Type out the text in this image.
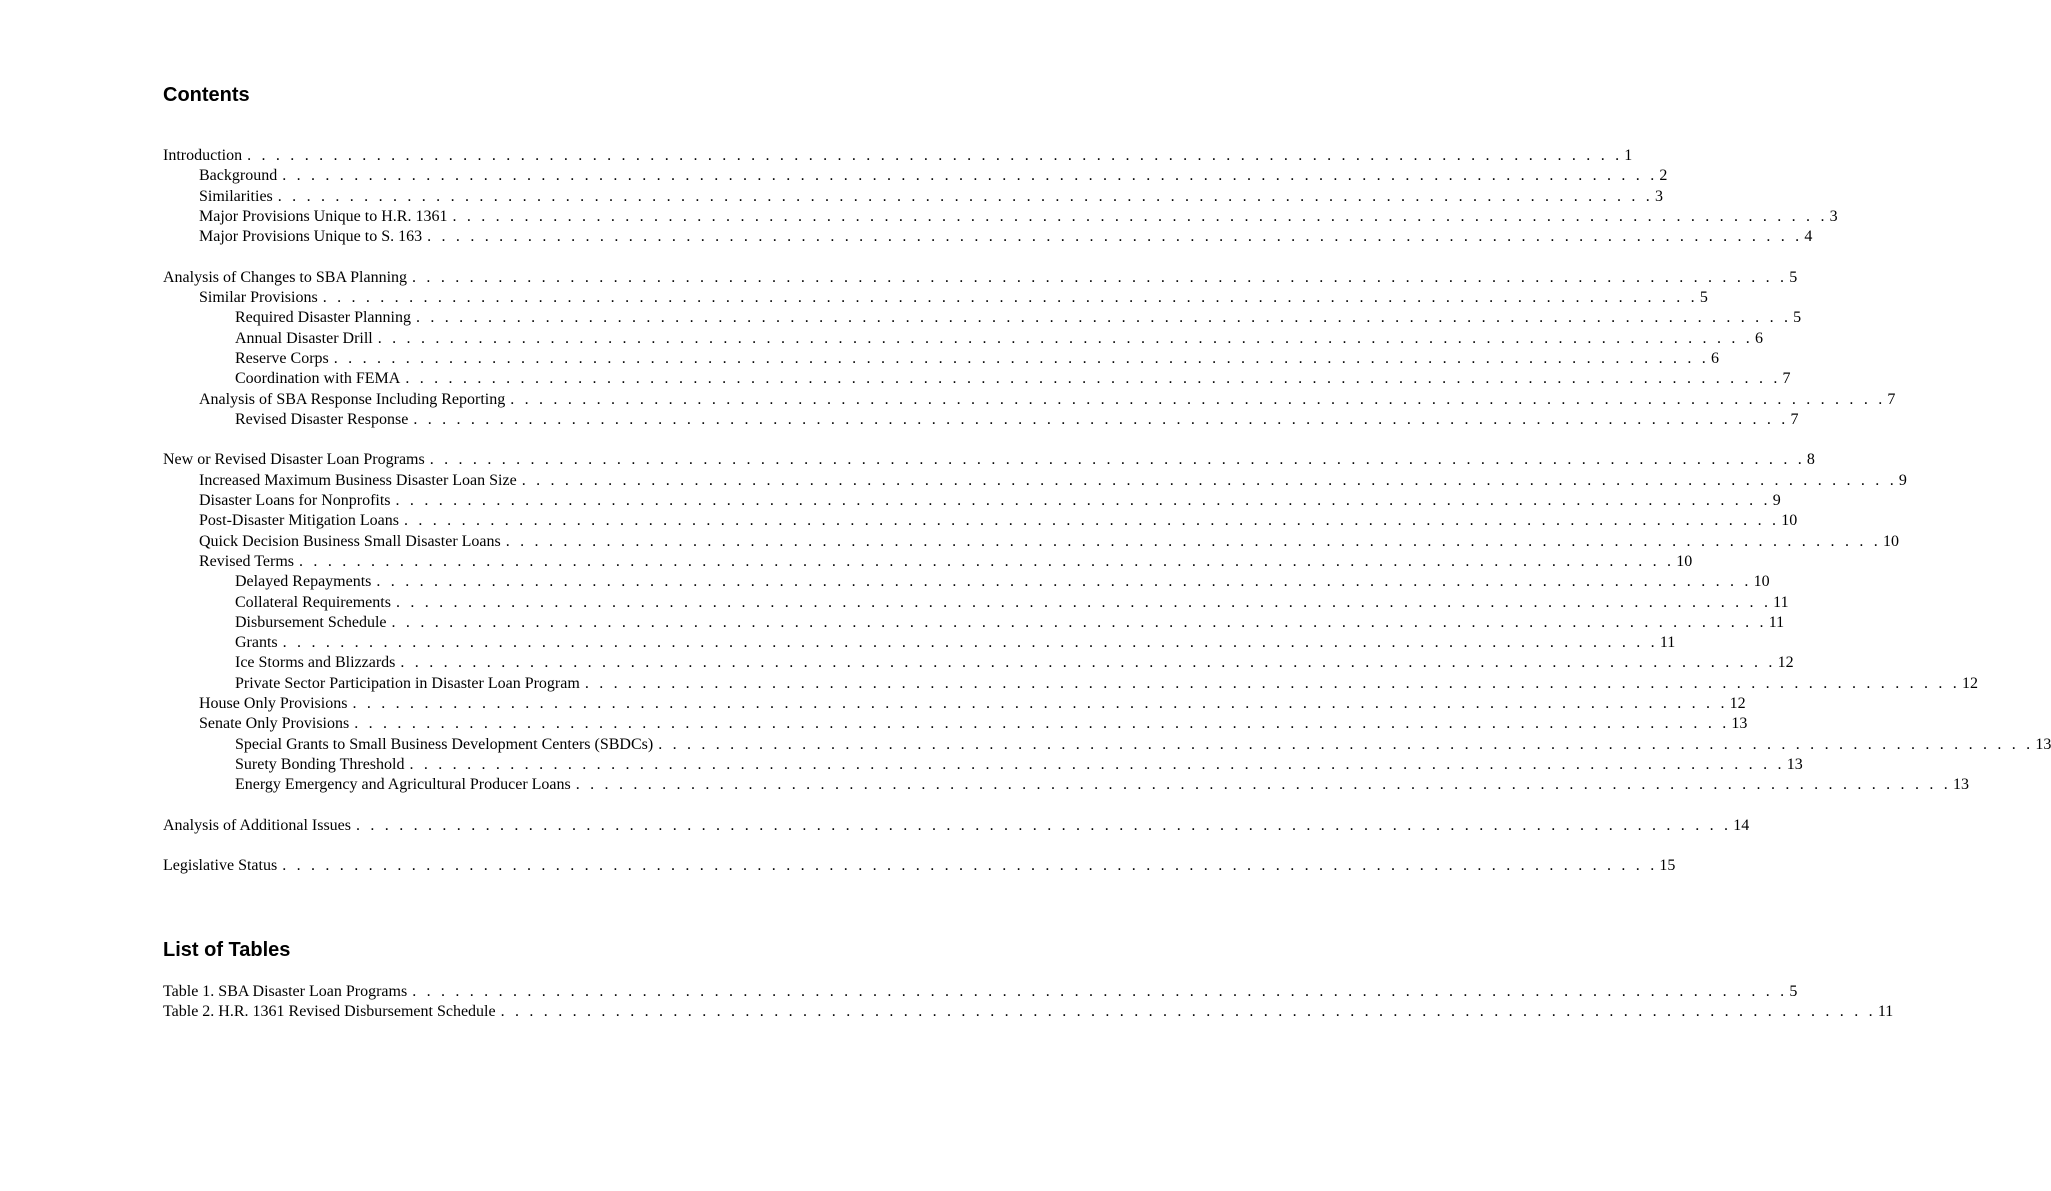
Contents
Introduction . . . . . . . . . . . . . . . . . . . . . . . . . . . . . . . . . . . . . . . . . . . . . . . . . . . . . . . . . . . . . . . . . . . . . . . . . . . . . . . . . . . . . . . . . . . . . . . . 1
Background . . . . . . . . . . . . . . . . . . . . . . . . . . . . . . . . . . . . . . . . . . . . . . . . . . . . . . . . . . . . . . . . . . . . . . . . . . . . . . . . . . . . . . . . . . . . . . . . 2
Similarities . . . . . . . . . . . . . . . . . . . . . . . . . . . . . . . . . . . . . . . . . . . . . . . . . . . . . . . . . . . . . . . . . . . . . . . . . . . . . . . . . . . . . . . . . . . . . . . . 3
Major Provisions Unique to H.R. 1361 . . . . . . . . . . . . . . . . . . . . . . . . . . . . . . . . . . . . . . . . . . . . . . . . . . . . . . . . . . . . . . . . . . . . . . . . . . . . . . . . . . . . . . . . . . . . . . . . 3
Major Provisions Unique to S. 163 . . . . . . . . . . . . . . . . . . . . . . . . . . . . . . . . . . . . . . . . . . . . . . . . . . . . . . . . . . . . . . . . . . . . . . . . . . . . . . . . . . . . . . . . . . . . . . . . 4
Analysis of Changes to SBA Planning . . . . . . . . . . . . . . . . . . . . . . . . . . . . . . . . . . . . . . . . . . . . . . . . . . . . . . . . . . . . . . . . . . . . . . . . . . . . . . . . . . . . . . . . . . . . . . . . 5
Similar Provisions . . . . . . . . . . . . . . . . . . . . . . . . . . . . . . . . . . . . . . . . . . . . . . . . . . . . . . . . . . . . . . . . . . . . . . . . . . . . . . . . . . . . . . . . . . . . . . . . 5
Required Disaster Planning . . . . . . . . . . . . . . . . . . . . . . . . . . . . . . . . . . . . . . . . . . . . . . . . . . . . . . . . . . . . . . . . . . . . . . . . . . . . . . . . . . . . . . . . . . . . . . . . 5
Annual Disaster Drill . . . . . . . . . . . . . . . . . . . . . . . . . . . . . . . . . . . . . . . . . . . . . . . . . . . . . . . . . . . . . . . . . . . . . . . . . . . . . . . . . . . . . . . . . . . . . . . . 6
Reserve Corps . . . . . . . . . . . . . . . . . . . . . . . . . . . . . . . . . . . . . . . . . . . . . . . . . . . . . . . . . . . . . . . . . . . . . . . . . . . . . . . . . . . . . . . . . . . . . . . . 6
Coordination with FEMA . . . . . . . . . . . . . . . . . . . . . . . . . . . . . . . . . . . . . . . . . . . . . . . . . . . . . . . . . . . . . . . . . . . . . . . . . . . . . . . . . . . . . . . . . . . . . . . . 7
Analysis of SBA Response Including Reporting . . . . . . . . . . . . . . . . . . . . . . . . . . . . . . . . . . . . . . . . . . . . . . . . . . . . . . . . . . . . . . . . . . . . . . . . . . . . . . . . . . . . . . . . . . . . . . . . 7
Revised Disaster Response . . . . . . . . . . . . . . . . . . . . . . . . . . . . . . . . . . . . . . . . . . . . . . . . . . . . . . . . . . . . . . . . . . . . . . . . . . . . . . . . . . . . . . . . . . . . . . . . 7
New or Revised Disaster Loan Programs . . . . . . . . . . . . . . . . . . . . . . . . . . . . . . . . . . . . . . . . . . . . . . . . . . . . . . . . . . . . . . . . . . . . . . . . . . . . . . . . . . . . . . . . . . . . . . . . 8
Increased Maximum Business Disaster Loan Size . . . . . . . . . . . . . . . . . . . . . . . . . . . . . . . . . . . . . . . . . . . . . . . . . . . . . . . . . . . . . . . . . . . . . . . . . . . . . . . . . . . . . . . . . . . . . . . . 9
Disaster Loans for Nonprofits . . . . . . . . . . . . . . . . . . . . . . . . . . . . . . . . . . . . . . . . . . . . . . . . . . . . . . . . . . . . . . . . . . . . . . . . . . . . . . . . . . . . . . . . . . . . . . . . 9
Post-Disaster Mitigation Loans . . . . . . . . . . . . . . . . . . . . . . . . . . . . . . . . . . . . . . . . . . . . . . . . . . . . . . . . . . . . . . . . . . . . . . . . . . . . . . . . . . . . . . . . . . . . . . . . 10
Quick Decision Business Small Disaster Loans . . . . . . . . . . . . . . . . . . . . . . . . . . . . . . . . . . . . . . . . . . . . . . . . . . . . . . . . . . . . . . . . . . . . . . . . . . . . . . . . . . . . . . . . . . . . . . . . 10
Revised Terms . . . . . . . . . . . . . . . . . . . . . . . . . . . . . . . . . . . . . . . . . . . . . . . . . . . . . . . . . . . . . . . . . . . . . . . . . . . . . . . . . . . . . . . . . . . . . . . . 10
Delayed Repayments . . . . . . . . . . . . . . . . . . . . . . . . . . . . . . . . . . . . . . . . . . . . . . . . . . . . . . . . . . . . . . . . . . . . . . . . . . . . . . . . . . . . . . . . . . . . . . . . 10
Collateral Requirements . . . . . . . . . . . . . . . . . . . . . . . . . . . . . . . . . . . . . . . . . . . . . . . . . . . . . . . . . . . . . . . . . . . . . . . . . . . . . . . . . . . . . . . . . . . . . . . . 11
Disbursement Schedule . . . . . . . . . . . . . . . . . . . . . . . . . . . . . . . . . . . . . . . . . . . . . . . . . . . . . . . . . . . . . . . . . . . . . . . . . . . . . . . . . . . . . . . . . . . . . . . . 11
Grants . . . . . . . . . . . . . . . . . . . . . . . . . . . . . . . . . . . . . . . . . . . . . . . . . . . . . . . . . . . . . . . . . . . . . . . . . . . . . . . . . . . . . . . . . . . . . . . . 11
Ice Storms and Blizzards . . . . . . . . . . . . . . . . . . . . . . . . . . . . . . . . . . . . . . . . . . . . . . . . . . . . . . . . . . . . . . . . . . . . . . . . . . . . . . . . . . . . . . . . . . . . . . . . 12
Private Sector Participation in Disaster Loan Program . . . . . . . . . . . . . . . . . . . . . . . . . . . . . . . . . . . . . . . . . . . . . . . . . . . . . . . . . . . . . . . . . . . . . . . . . . . . . . . . . . . . . . . . . . . . . . . . 12
House Only Provisions . . . . . . . . . . . . . . . . . . . . . . . . . . . . . . . . . . . . . . . . . . . . . . . . . . . . . . . . . . . . . . . . . . . . . . . . . . . . . . . . . . . . . . . . . . . . . . . . 12
Senate Only Provisions . . . . . . . . . . . . . . . . . . . . . . . . . . . . . . . . . . . . . . . . . . . . . . . . . . . . . . . . . . . . . . . . . . . . . . . . . . . . . . . . . . . . . . . . . . . . . . . . 13
Special Grants to Small Business Development Centers (SBDCs) . . . . . . . . . . . . . . . . . . . . . . . . . . . . . . . . . . . . . . . . . . . . . . . . . . . . . . . . . . . . . . . . . . . . . . . . . . . . . . . . . . . . . . . . . . . . . . . . 13
Surety Bonding Threshold . . . . . . . . . . . . . . . . . . . . . . . . . . . . . . . . . . . . . . . . . . . . . . . . . . . . . . . . . . . . . . . . . . . . . . . . . . . . . . . . . . . . . . . . . . . . . . . . 13
Energy Emergency and Agricultural Producer Loans . . . . . . . . . . . . . . . . . . . . . . . . . . . . . . . . . . . . . . . . . . . . . . . . . . . . . . . . . . . . . . . . . . . . . . . . . . . . . . . . . . . . . . . . . . . . . . . . 13
Analysis of Additional Issues . . . . . . . . . . . . . . . . . . . . . . . . . . . . . . . . . . . . . . . . . . . . . . . . . . . . . . . . . . . . . . . . . . . . . . . . . . . . . . . . . . . . . . . . . . . . . . . . 14
Legislative Status . . . . . . . . . . . . . . . . . . . . . . . . . . . . . . . . . . . . . . . . . . . . . . . . . . . . . . . . . . . . . . . . . . . . . . . . . . . . . . . . . . . . . . . . . . . . . . . . 15
List of Tables
Table 1. SBA Disaster Loan Programs . . . . . . . . . . . . . . . . . . . . . . . . . . . . . . . . . . . . . . . . . . . . . . . . . . . . . . . . . . . . . . . . . . . . . . . . . . . . . . . . . . . . . . . . . . . . . . . . 5
Table 2. H.R. 1361 Revised Disbursement Schedule . . . . . . . . . . . . . . . . . . . . . . . . . . . . . . . . . . . . . . . . . . . . . . . . . . . . . . . . . . . . . . . . . . . . . . . . . . . . . . . . . . . . . . . . . . . . . . . . 11
